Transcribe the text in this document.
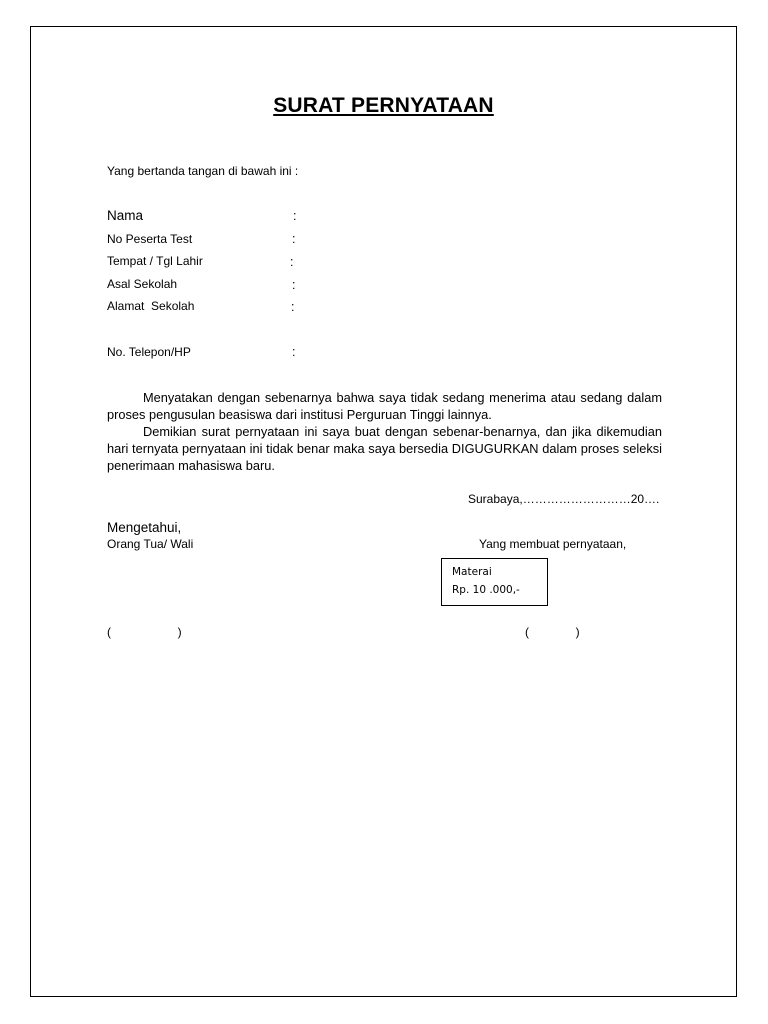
SURAT PERNYATAAN
Yang bertanda tangan di bawah ini :
Nama	:
No Peserta Test	:
Tempat / Tgl Lahir	:
Asal Sekolah	:
Alamat  Sekolah	:
No. Telepon/HP	:

Menyatakan dengan sebenarnya bahwa saya tidak sedang menerima atau sedang dalam proses pengusulan beasiswa dari institusi Perguruan Tinggi lainnya.

Demikian surat pernyataan ini saya buat dengan sebenar-benarnya, dan jika dikemudian hari ternyata pernyataan ini tidak benar maka saya bersedia DIGUGURKAN dalam proses seleksi penerimaan mahasiswa baru.

Surabaya,………………………20….
Mengetahui,
Orang Tua/ Wali	Yang membuat pernyataan,
Materai
Rp. 10 .000,-
(                    )	(              )
